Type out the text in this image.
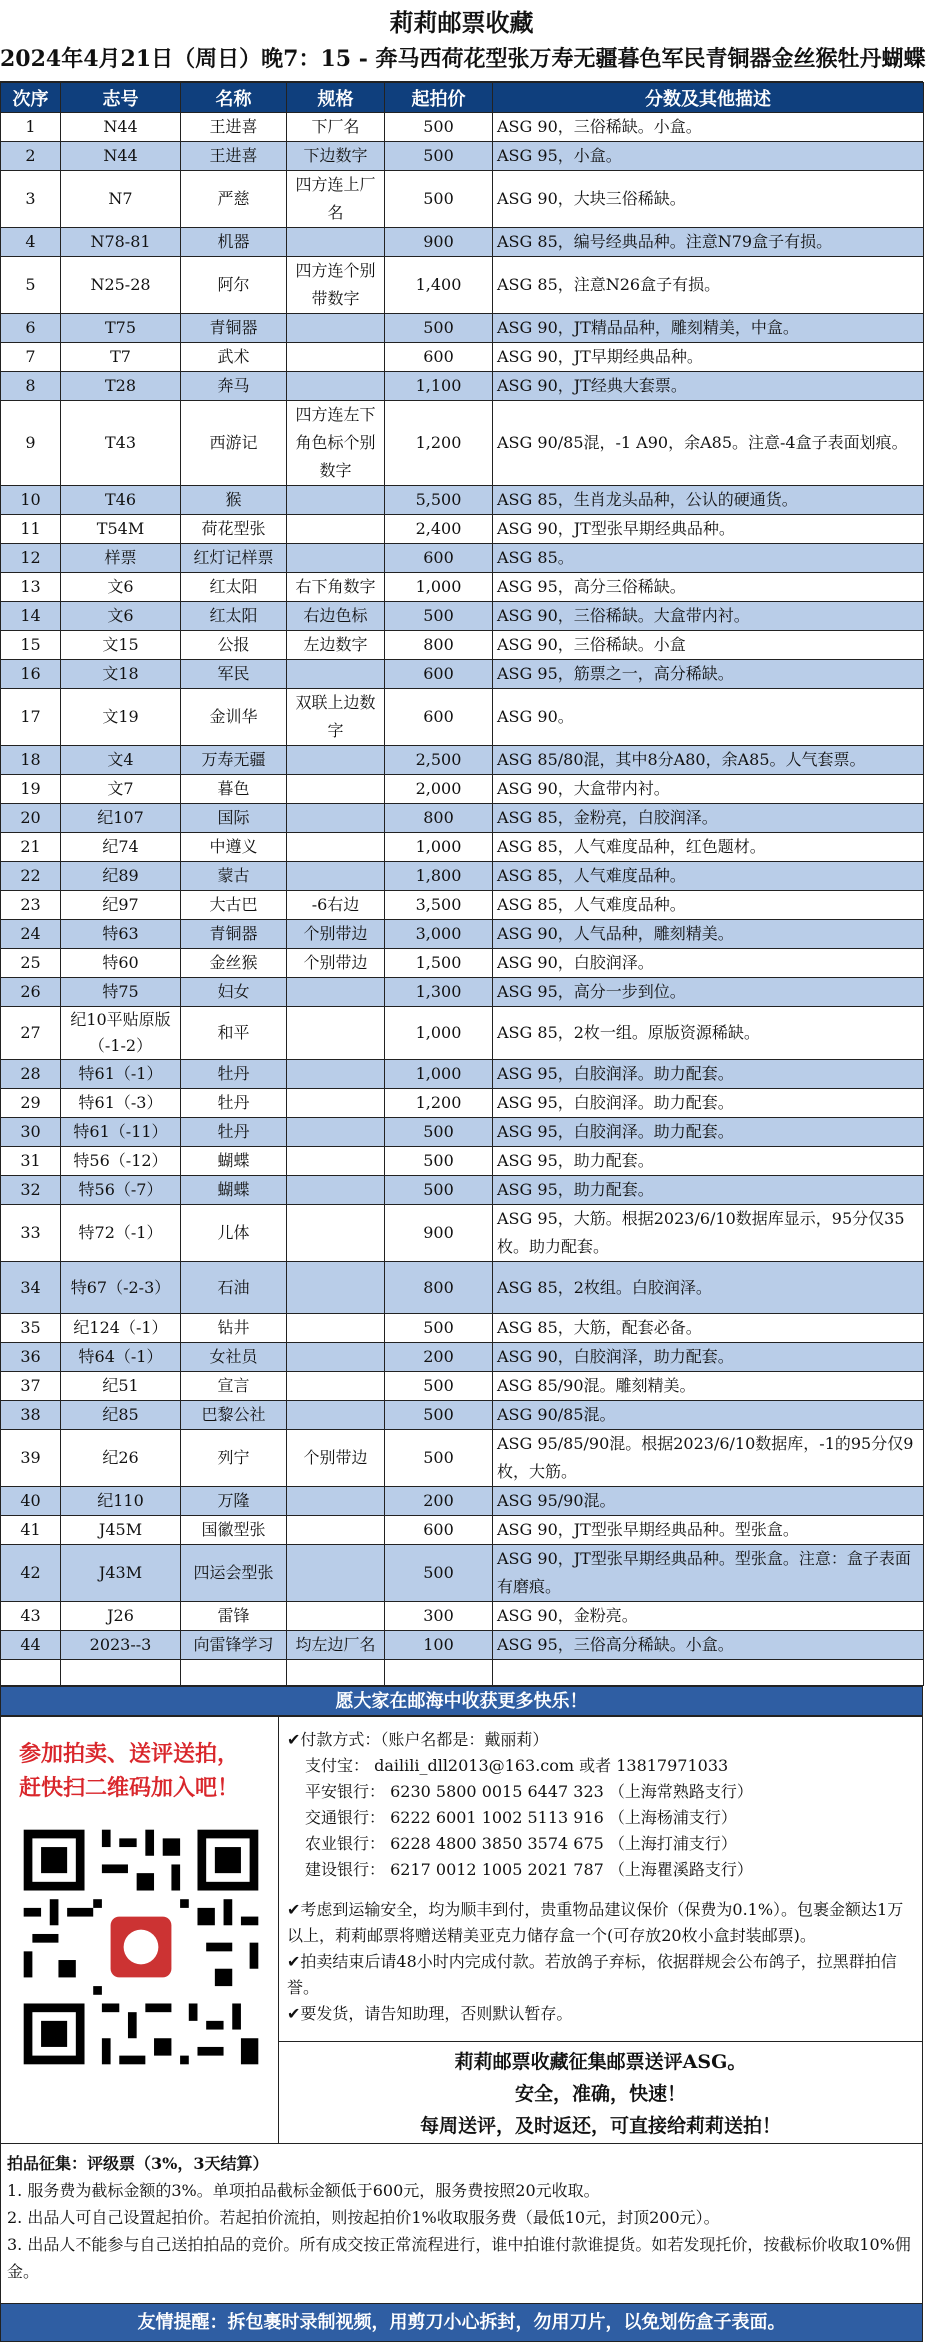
莉莉邮票收藏
2024年4月21日（周日）晚7：15 - 奔马西荷花型张万寿无疆暮色军民青铜器金丝猴牡丹蝴蝶
次序	志号	名称	规格	起拍价	分数及其他描述
1	N44	王进喜	下厂名	500	ASG 90，三俗稀缺。小盒。
2	N44	王进喜	下边数字	500	ASG 95，小盒。
3	N7	严慈	四方连上厂名	500	ASG 90，大块三俗稀缺。
4	N78-81	机器		900	ASG 85，编号经典品种。注意N79盒子有损。
5	N25-28	阿尔	四方连个别带数字	1,400	ASG 85，注意N26盒子有损。
6	T75	青铜器		500	ASG 90，JT精品品种，雕刻精美，中盒。
7	T7	武术		600	ASG 90，JT早期经典品种。
8	T28	奔马		1,100	ASG 90，JT经典大套票。
9	T43	西游记	四方连左下角色标个别数字	1,200	ASG 90/85混，-1 A90，余A85。注意-4盒子表面划痕。
10	T46	猴		5,500	ASG 85，生肖龙头品种，公认的硬通货。
11	T54M	荷花型张		2,400	ASG 90，JT型张早期经典品种。
12	样票	红灯记样票		600	ASG 85。
13	文6	红太阳	右下角数字	1,000	ASG 95，高分三俗稀缺。
14	文6	红太阳	右边色标	500	ASG 90，三俗稀缺。大盒带内衬。
15	文15	公报	左边数字	800	ASG 90，三俗稀缺。小盒
16	文18	军民		600	ASG 95，筋票之一，高分稀缺。
17	文19	金训华	双联上边数字	600	ASG 90。
18	文4	万寿无疆		2,500	ASG 85/80混，其中8分A80，余A85。人气套票。
19	文7	暮色		2,000	ASG 90，大盒带内衬。
20	纪107	国际		800	ASG 85，金粉亮，白胶润泽。
21	纪74	中遵义		1,000	ASG 85，人气难度品种，红色题材。
22	纪89	蒙古		1,800	ASG 85，人气难度品种。
23	纪97	大古巴	-6右边	3,500	ASG 85，人气难度品种。
24	特63	青铜器	个别带边	3,000	ASG 90，人气品种，雕刻精美。
25	特60	金丝猴	个别带边	1,500	ASG 90，白胶润泽。
26	特75	妇女		1,300	ASG 95，高分一步到位。
27	纪10平贴原版（-1-2）	和平		1,000	ASG 85，2枚一组。原版资源稀缺。
28	特61（-1）	牡丹		1,000	ASG 95，白胶润泽。助力配套。
29	特61（-3）	牡丹		1,200	ASG 95，白胶润泽。助力配套。
30	特61（-11）	牡丹		500	ASG 95，白胶润泽。助力配套。
31	特56（-12）	蝴蝶		500	ASG 95，助力配套。
32	特56（-7）	蝴蝶		500	ASG 95，助力配套。
33	特72（-1）	儿体		900	ASG 95，大筋。根据2023/6/10数据库显示，95分仅35枚。助力配套。
34	特67（-2-3）	石油		800	ASG 85，2枚组。白胶润泽。
35	纪124（-1）	钻井		500	ASG 85，大筋，配套必备。
36	特64（-1）	女社员		200	ASG 90，白胶润泽，助力配套。
37	纪51	宣言		500	ASG 85/90混。雕刻精美。
38	纪85	巴黎公社		500	ASG 90/85混。
39	纪26	列宁	个别带边	500	ASG 95/85/90混。根据2023/6/10数据库，-1的95分仅9枚，大筋。
40	纪110	万隆		200	ASG 95/90混。
41	J45M	国徽型张		600	ASG 90，JT型张早期经典品种。型张盒。
42	J43M	四运会型张		500	ASG 90，JT型张早期经典品种。型张盒。注意：盒子表面有磨痕。
43	J26	雷锋		300	ASG 90，金粉亮。
44	2023--3	向雷锋学习	均左边厂名	100	ASG 95，三俗高分稀缺。小盒。

愿大家在邮海中收获更多快乐！
参加拍卖、送评送拍，
赶快扫二维码加入吧！
✔付款方式：（账户名都是：戴丽莉）
支付宝： dailili_dll2013@163.com 或者 13817971033
平安银行： 6230 5800 0015 6447 323 （上海常熟路支行）
交通银行： 6222 6001 1002 5113 916 （上海杨浦支行）
农业银行： 6228 4800 3850 3574 675 （上海打浦支行）
建设银行： 6217 0012 1005 2021 787 （上海瞿溪路支行）
✔考虑到运输安全，均为顺丰到付，贵重物品建议保价（保费为0.1%）。包裹金额达1万以上，莉莉邮票将赠送精美亚克力储存盒一个(可存放20枚小盒封装邮票)。
✔拍卖结束后请48小时内完成付款。若放鸽子弃标，依据群规会公布鸽子，拉黑群拍信誉。
✔要发货，请告知助理，否则默认暂存。
莉莉邮票收藏征集邮票送评ASG。
安全，准确，快速！
每周送评，及时返还，可直接给莉莉送拍！
拍品征集：评级票（3%，3天结算）
1. 服务费为截标金额的3%。单项拍品截标金额低于600元，服务费按照20元收取。
2. 出品人可自己设置起拍价。若起拍价流拍，则按起拍价1%收取服务费（最低10元，封顶200元）。
3. 出品人不能参与自己送拍拍品的竞价。所有成交按正常流程进行，谁中拍谁付款谁提货。如若发现托价，按截标价收取10%佣金。
友情提醒：拆包裹时录制视频，用剪刀小心拆封，勿用刀片，以免划伤盒子表面。
